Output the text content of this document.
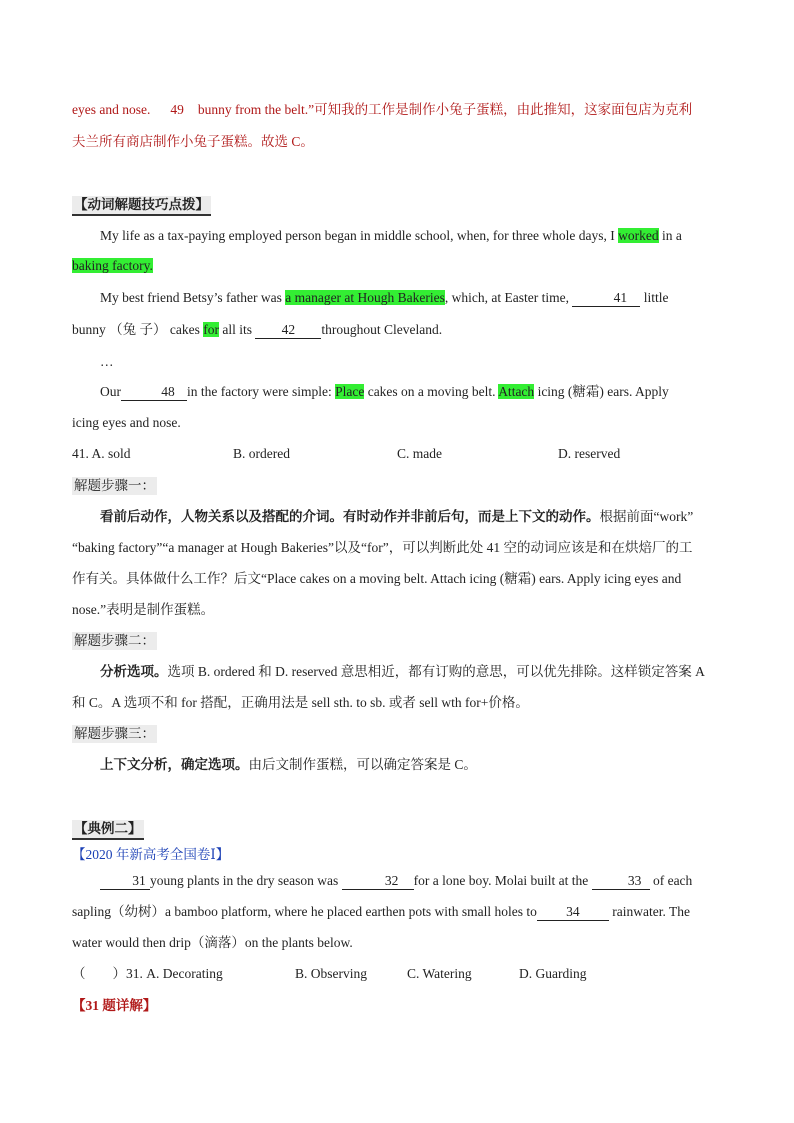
eyes and nose. 49 bunny from the belt.”可知我的工作是制作小兔子蛋糕，由此推知，这家面包店为克利
夫兰所有商店制作小兔子蛋糕。故选 C。
【动词解题技巧点拨】
My life as a tax-paying employed person began in middle school, when, for three whole days, I worked in a
baking factory.
My best friend Betsy’s father was a manager at Hough Bakeries, which, at Easter time,	41 little
bunny （兔 子） cakes for all its 42 throughout Cleveland.
…
Our	48 in the factory were simple: Place cakes on a moving belt. Attach icing (糖霜) ears. Apply
icing eyes and nose.
41. A. sold	B. ordered	C. made	D. reserved
解题步骤一：
看前后动作，人物关系以及搭配的介词。有时动作并非前后句，而是上下文的动作。根据前面“work”
“baking factory”“a manager at Hough Bakeries”以及“for”，可以判断此处 41 空的动词应该是和在烘焙厂的工
作有关。具体做什么工作？后文“Place cakes on a moving belt. Attach icing (糖霜) ears. Apply icing eyes and
nose.”表明是制作蛋糕。
解题步骤二：
分析选项。选项 B. ordered 和 D. reserved 意思相近，都有订购的意思，可以优先排除。这样锁定答案 A
和 C。A 选项不和 for 搭配，正确用法是 sell sth. to sb. 或者 sell wth for+价格。
解题步骤三：
上下文分析，确定选项。由后文制作蛋糕，可以确定答案是 C。
【典例二】
【2020 年新高考全国卷Ⅰ】
31 young plants in the dry season was	32 for a lone boy. Molai built at the	33 of each
sapling（幼树）a bamboo platform, where he placed earthen pots with small holes to 34 rainwater. The
water would then drip（滴落）on the plants below.
（　　）31. A. Decorating	B. Observing	C. Watering	D. Guarding
【31 题详解】
